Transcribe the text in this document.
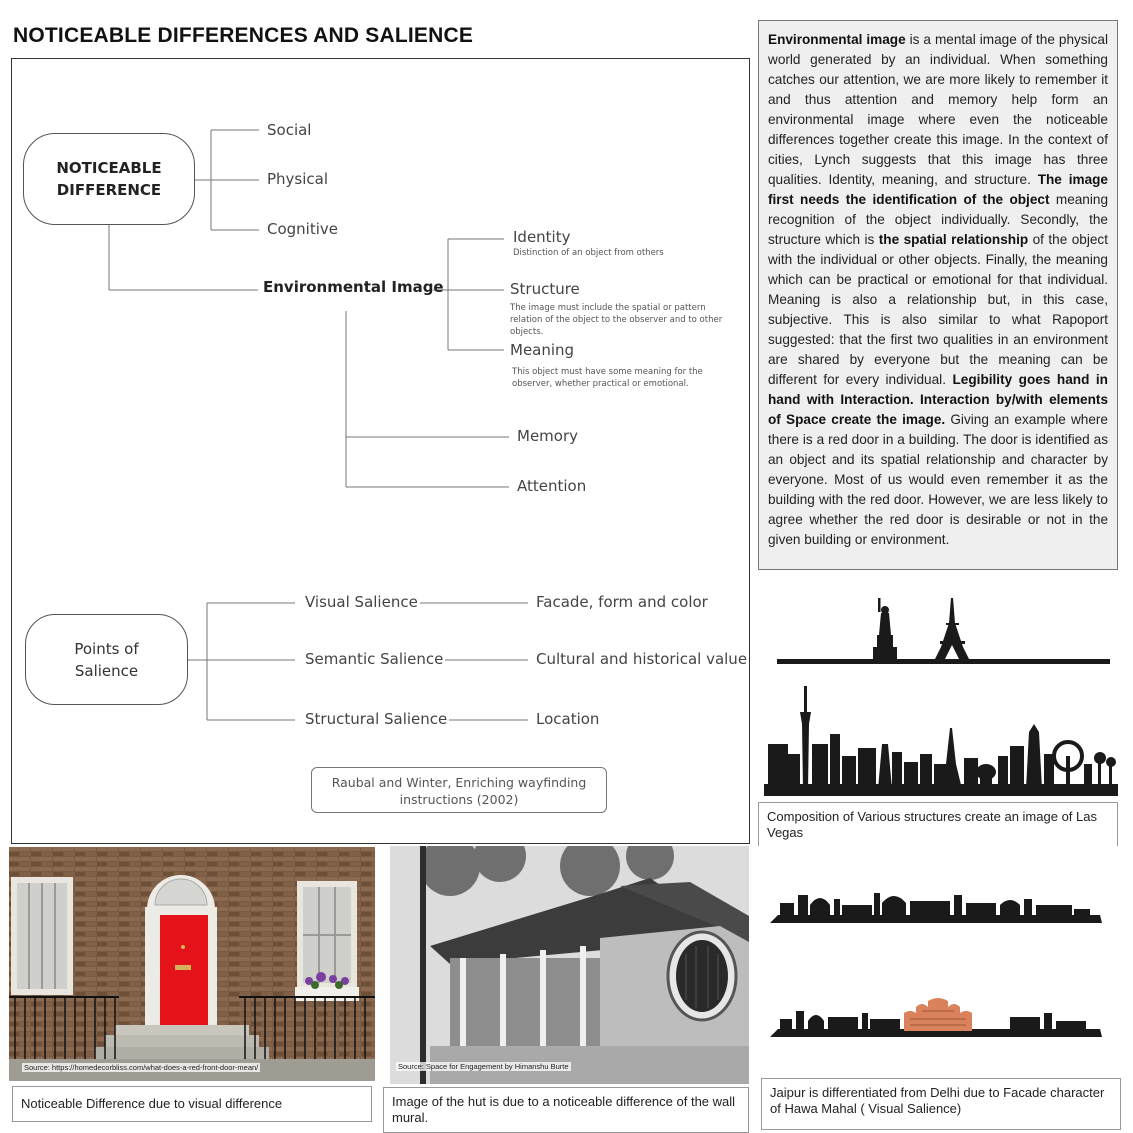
NOTICEABLE DIFFERENCES AND SALIENCE
NOTICEABLE
DIFFERENCE
Social
Physical
Cognitive
Environmental Image
Identity
Distinction of an object from others
Structure
The image must include the spatial or pattern relation of the object to the observer and to other objects.
Meaning
This object must have some meaning for the observer, whether practical or emotional.
Memory
Attention
Points of
Salience
Visual Salience	Facade, form and color
Semantic Salience	Cultural and historical value
Structural Salience	Location
Raubal and Winter, Enriching wayfinding
instructions (2002)
Environmental image is a mental image of the physical world generated by an individual. When something catches our attention, we are more likely to remember it and thus attention and memory help form an environmental image where even the noticeable differences together create this image. In the context of cities, Lynch suggests that this image has three qualities. Identity, meaning, and structure. The image first needs the identification of the object meaning recognition of the object individually. Secondly, the structure which is the spatial relationship of the object with the individual or other objects. Finally, the meaning which can be practical or emotional for that individual. Meaning is also a relationship but, in this case, subjective. This is also similar to what Rapoport suggested: that the first two qualities in an environment are shared by everyone but the meaning can be different for every individual. Legibility goes hand in hand with Interaction. Interaction by/with elements of Space create the image. Giving an example where there is a red door in a building. The door is identified as an object and its spatial relationship and character by everyone. Most of us would even remember it as the building with the red door. However, we are less likely to agree whether the red door is desirable or not in the given building or environment.
Composition of Various structures create an image of Las Vegas
Jaipur is differentiated from Delhi due to Facade character of Hawa Mahal ( Visual Salience)
Source: https://homedecorbliss.com/what-does-a-red-front-door-mean/
Noticeable Difference due to visual difference
Source: Space for Engagement by Himanshu Burte
Image of the hut is due to a noticeable difference of the wall mural.
